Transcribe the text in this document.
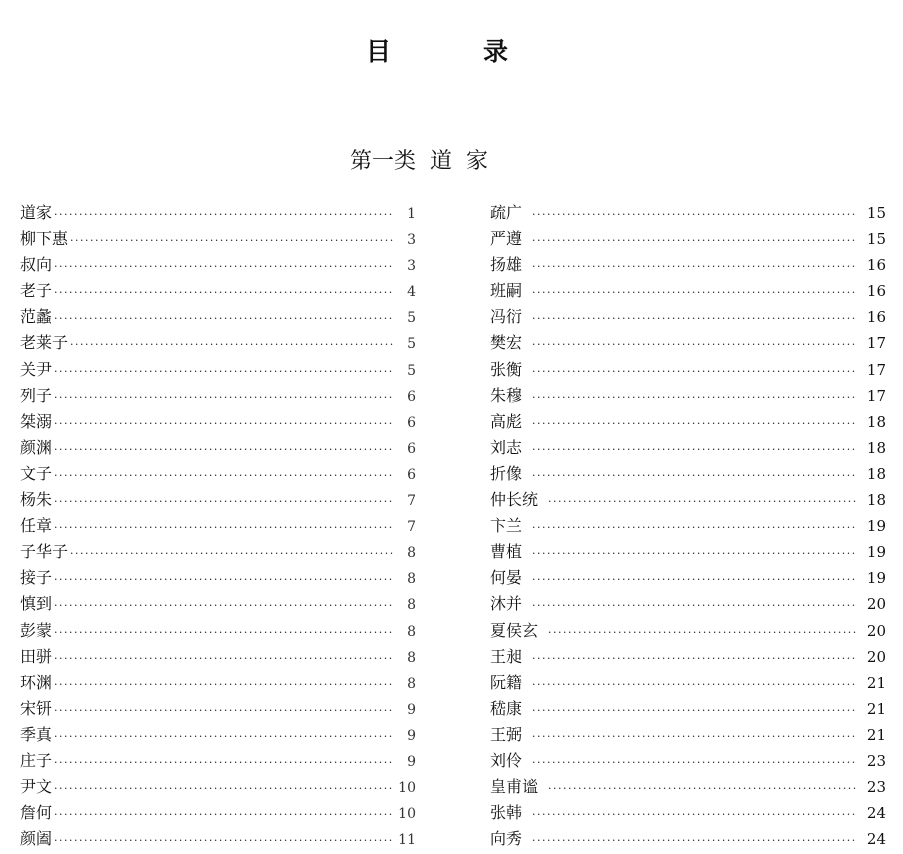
目	录
第一类  道  家
道家 ·····	1
柳下惠 ·····	3
叔向 ·····	3
老子 ·····	4
范蠡 ·····	5
老莱子 ·····	5
关尹 ·····	5
列子 ·····	6
桀溺 ·····	6
颜渊 ·····	6
文子 ·····	6
杨朱 ·····	7
任章 ·····	7
子华子 ·····	8
接子 ·····	8
慎到 ·····	8
彭蒙 ·····	8
田骈 ·····	8
环渊 ·····	8
宋钘 ·····	9
季真 ·····	9
庄子 ·····	9
尹文 ·····	10
詹何 ·····	10
颜阖 ·····	11
疏广 ·····	15
严遵 ·····	15
扬雄 ·····	16
班嗣 ·····	16
冯衍 ·····	16
樊宏 ·····	17
张衡 ·····	17
朱穆 ·····	17
高彪 ·····	18
刘志 ·····	18
折像 ·····	18
仲长统 ·····	18
卞兰 ·····	19
曹植 ·····	19
何晏 ·····	19
沐并 ·····	20
夏侯玄 ·····	20
王昶 ·····	20
阮籍 ·····	21
嵇康 ·····	21
王弼 ·····	21
刘伶 ·····	23
皇甫谧 ·····	23
张韩 ·····	24
向秀 ·····	24
